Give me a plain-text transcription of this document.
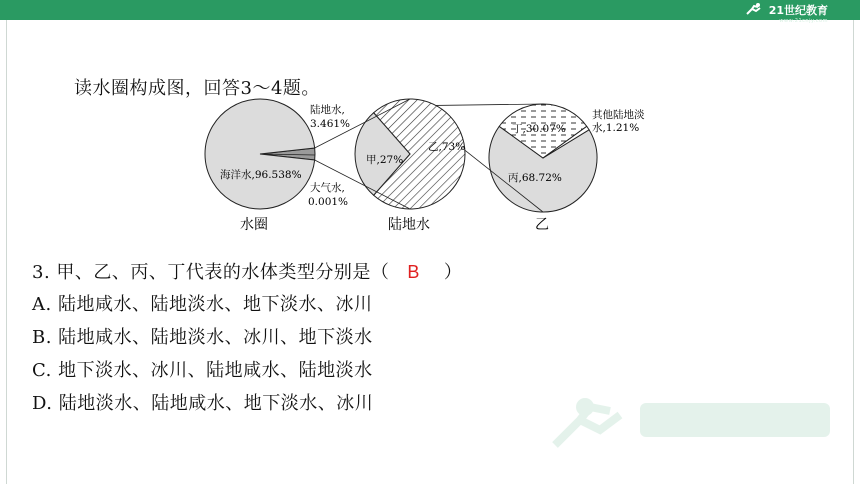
21世纪教育
www.21cnjy.com
读水圈构成图，回答3～4题。
海洋水,96.538%
陆地水,
3.461%
大气水,
0.001%
水圈
甲,27%
乙,73%
陆地水
丁,30.07%
丙,68.72%
其他陆地淡
水,1.21%
乙
3. 甲、乙、丙、丁代表的水体类型分别是（ B ）
A. 陆地咸水、陆地淡水、地下淡水、冰川
B. 陆地咸水、陆地淡水、冰川、地下淡水
C. 地下淡水、冰川、陆地咸水、陆地淡水
D. 陆地淡水、陆地咸水、地下淡水、冰川
